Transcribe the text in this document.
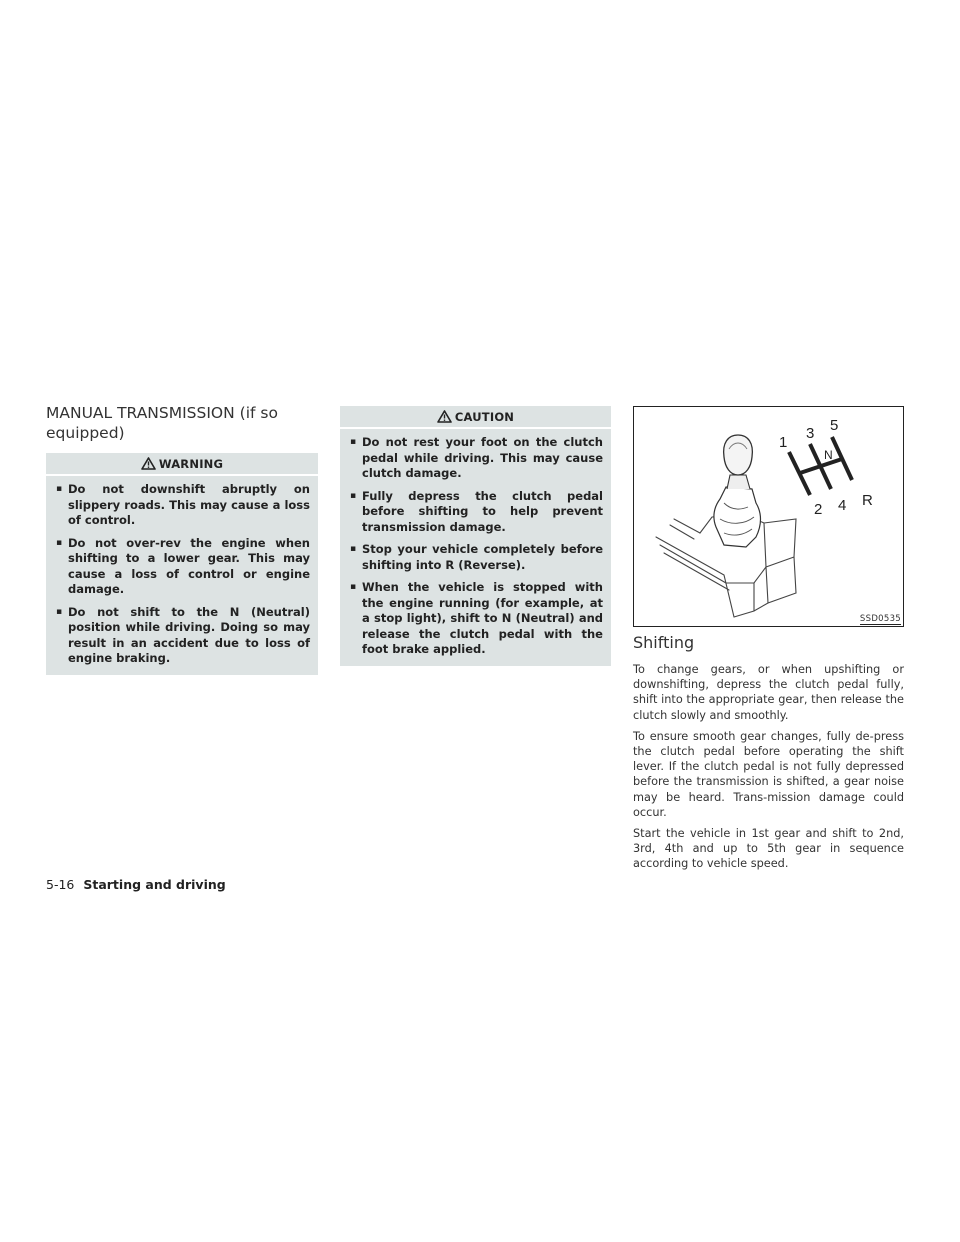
MANUAL TRANSMISSION (if so equipped)
WARNING
▪ Do not downshift abruptly on slippery roads. This may cause a loss of control.
▪ Do not over-rev the engine when shifting to a lower gear. This may cause a loss of control or engine damage.
▪ Do not shift to the N (Neutral) position while driving. Doing so may result in an accident due to loss of engine braking.
CAUTION
▪ Do not rest your foot on the clutch pedal while driving. This may cause clutch damage.
▪ Fully depress the clutch pedal before shifting to help prevent transmission damage.
▪ Stop your vehicle completely before shifting into R (Reverse).
▪ When the vehicle is stopped with the engine running (for example, at a stop light), shift to N (Neutral) and release the clutch pedal with the foot brake applied.
1
3 5
N
2 4 R
SSD0535
Shifting

To change gears, or when upshifting or downshifting, depress the clutch pedal fully, shift into the appropriate gear, then release the clutch slowly and smoothly.

To ensure smooth gear changes, fully de-press the clutch pedal before operating the shift lever. If the clutch pedal is not fully depressed before the transmission is shifted, a gear noise may be heard. Trans-mission damage could occur.

Start the vehicle in 1st gear and shift to 2nd, 3rd, 4th and up to 5th gear in sequence according to vehicle speed.

5-16 Starting and driving
